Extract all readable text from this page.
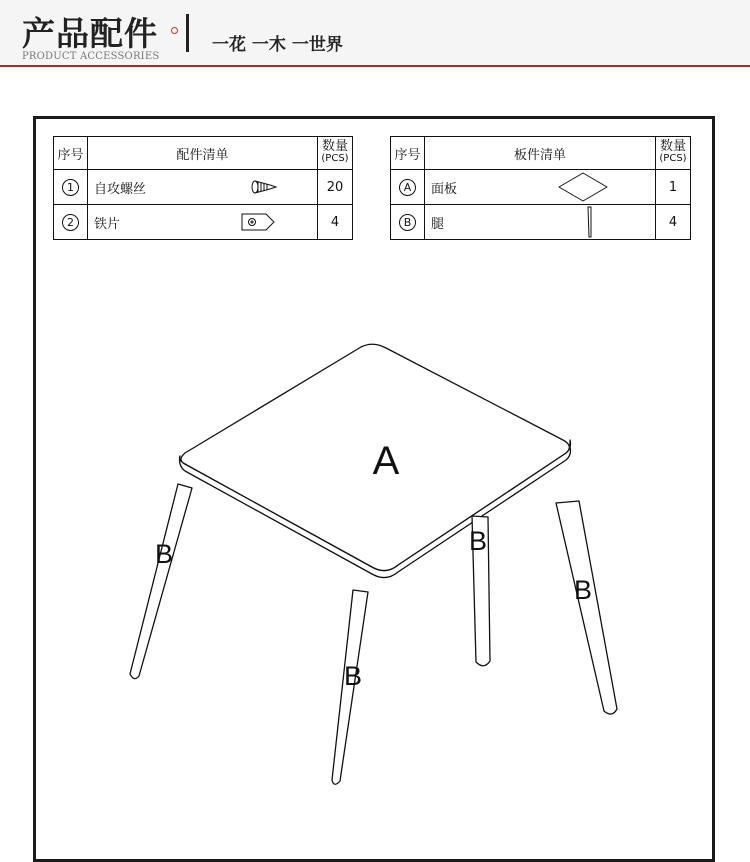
产品配件
PRODUCT ACCESSORIES
一花 一木 一世界
序号	配件清单	数量
(PCS)

1	自攻螺丝	20
2	铁片	4
序号	板件清单	数量
(PCS)

A	面板	1
B	腿	4
A
B	B
B
B
